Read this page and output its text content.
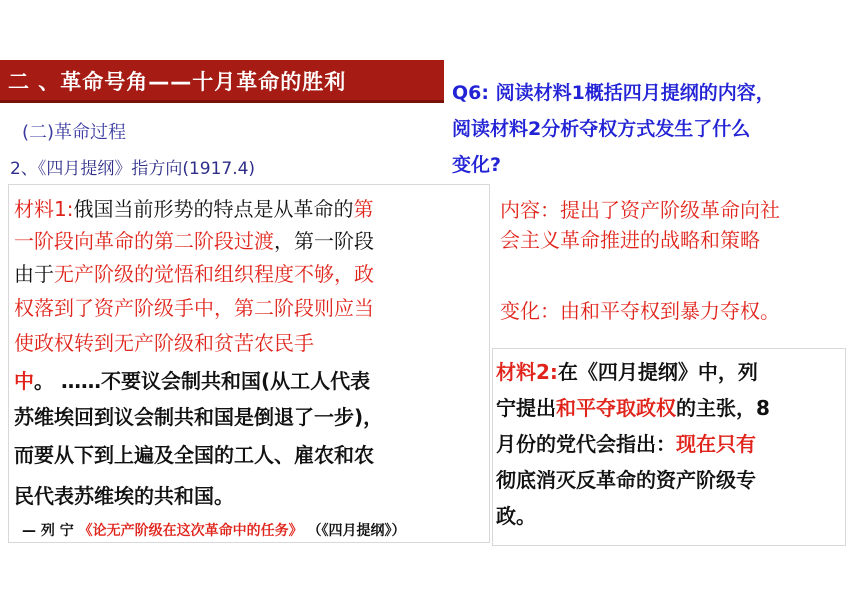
二 、革命号角——十月革命的胜利	Q6: 阅读材料1概括四月提纲的内容，
阅读材料2分析夺权方式发生了什么
变化?
(二)革命过程
2、《四月提纲》指方向(1917.4)
材料1:俄国当前形势的特点是从革命的第
一阶段向革命的第二阶段过渡，第一阶段
由于无产阶级的觉悟和组织程度不够，政
权落到了资产阶级手中，第二阶段则应当
使政权转到无产阶级和贫苦农民手
中。 ……不要议会制共和国(从工人代表
苏维埃回到议会制共和国是倒退了一步)，
而要从下到上遍及全国的工人、雇农和农
民代表苏维埃的共和国。
— 列 宁 《论无产阶级在这次革命中的任务》 （《四月提纲》）
内容：提出了资产阶级革命向社
会主义革命推进的战略和策略
变化：由和平夺权到暴力夺权。
材料2:在《四月提纲》中，列
宁提出和平夺取政权的主张，8
月份的党代会指出：现在只有
彻底消灭反革命的资产阶级专
政。
